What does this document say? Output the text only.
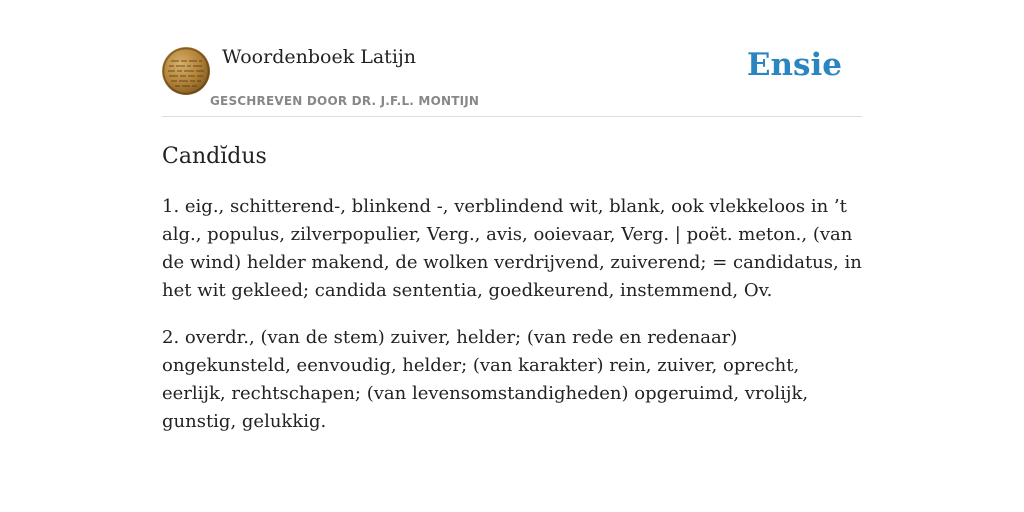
Woordenboek Latijn
GESCHREVEN DOOR DR. J.F.L. MONTIJN
Ensie
Candĭdus

1. eig., schitterend-, blinkend -, verblindend wit, blank, ook vlekkeloos in ’t alg., populus, zilverpopulier, Verg., avis, ooievaar, Verg. | poët. meton., (van de wind) helder makend, de wolken verdrijvend, zuiverend; = candidatus, in het wit gekleed; candida sententia, goedkeurend, instemmend, Ov.

2. overdr., (van de stem) zuiver, helder; (van rede en redenaar) ongekunsteld, eenvoudig, helder; (van karakter) rein, zuiver, oprecht, eerlijk, rechtschapen; (van levensomstandigheden) opgeruimd, vrolijk, gunstig, gelukkig.
